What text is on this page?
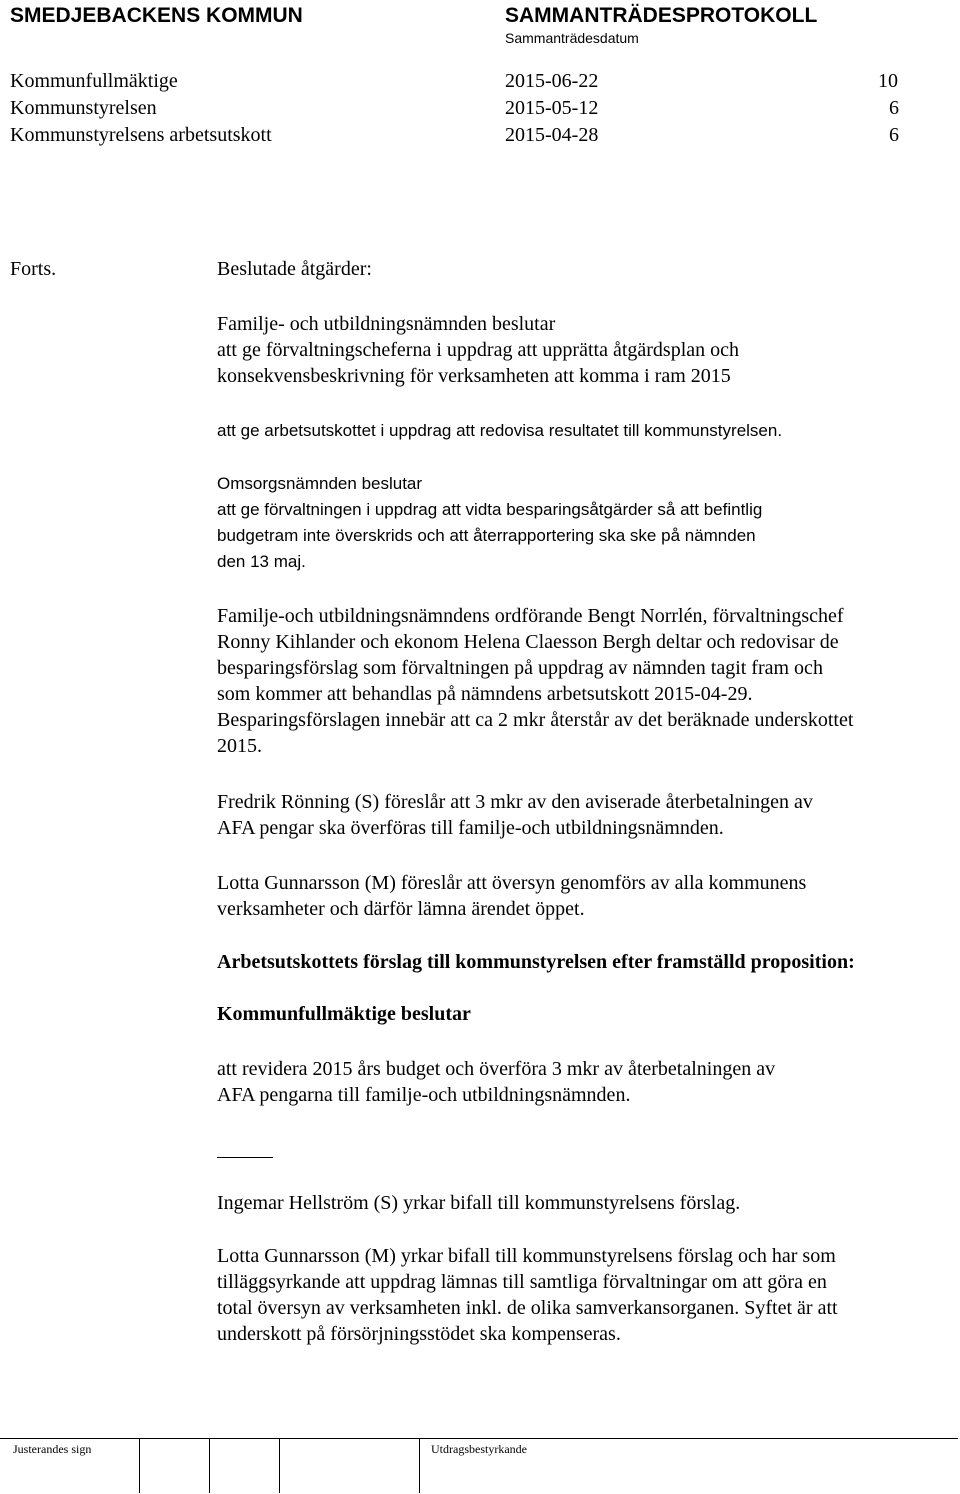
SMEDJEBACKENS KOMMUN	SAMMANTRÄDESPROTOKOLL
Sammanträdesdatum
Kommunfullmäktige	2015-06-22	10
Kommunstyrelsen	2015-05-12	6
Kommunstyrelsens arbetsutskott	2015-04-28	6
Forts.	Beslutade åtgärder:
Familje- och utbildningsnämnden beslutar
att ge förvaltningscheferna i uppdrag att upprätta åtgärdsplan och
konsekvensbeskrivning för verksamheten att komma i ram 2015
att ge arbetsutskottet i uppdrag att redovisa resultatet till kommunstyrelsen.
Omsorgsnämnden beslutar
att ge förvaltningen i uppdrag att vidta besparingsåtgärder så att befintlig
budgetram inte överskrids och att återrapportering ska ske på nämnden
den 13 maj.
Familje-och utbildningsnämndens ordförande Bengt Norrlén, förvaltningschef
Ronny Kihlander och ekonom Helena Claesson Bergh deltar och redovisar de
besparingsförslag som förvaltningen på uppdrag av nämnden tagit fram och
som kommer att behandlas på nämndens arbetsutskott 2015-04-29.
Besparingsförslagen innebär att ca 2 mkr återstår av det beräknade underskottet
2015.
Fredrik Rönning (S) föreslår att 3 mkr av den aviserade återbetalningen av
AFA pengar ska överföras till familje-och utbildningsnämnden.
Lotta Gunnarsson (M) föreslår att översyn genomförs av alla kommunens
verksamheter och därför lämna ärendet öppet.
Arbetsutskottets förslag till kommunstyrelsen efter framställd proposition:
Kommunfullmäktige beslutar
att revidera 2015 års budget och överföra 3 mkr av återbetalningen av
AFA pengarna till familje-och utbildningsnämnden.
Ingemar Hellström (S) yrkar bifall till kommunstyrelsens förslag.
Lotta Gunnarsson (M) yrkar bifall till kommunstyrelsens förslag och har som
tilläggsyrkande att uppdrag lämnas till samtliga förvaltningar om att göra en
total översyn av verksamheten inkl. de olika samverkansorganen. Syftet är att
underskott på försörjningsstödet ska kompenseras.
Justerandes sign	Utdragsbestyrkande
